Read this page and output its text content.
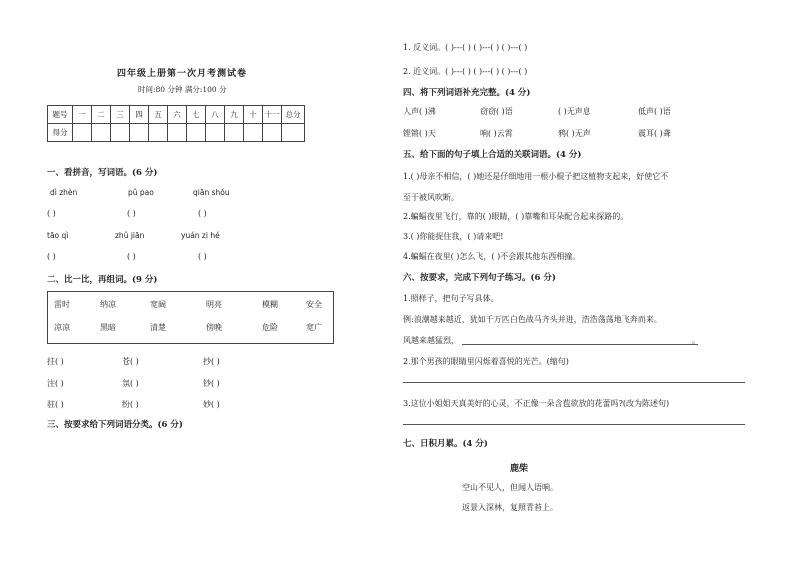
四年级上册第一次月考测试卷
时间:80 分钟 满分:100 分
题号	一	二	三	四	五	六	七	八	九	十	十一	总分
得分												
一、看拼音，写词语。(6 分)
dì zhèn	pǔ pao	qiān shǒu
( )	( )	( )
tāo qì	zhǔ jiān	yuán zi hé
( )	( )	( )
二、比一比，再组词。(9 分)
雷时	纳凉	宽阔	明亮	模糊	安全
凉凉	黑暗	清楚	傍晚	危险	宽广
拄( )	苍( )	抄( )
注( )	氛( )	钞( )
驻( )	纷( )	妙( )
三、按要求给下列词语分类。(6 分)
1. 反义词。( )---( ) ( )---( ) ( )---( )
2. 近义词。( )---( ) ( )---( ) ( )---( )
四、将下列词语补充完整。(4 分)
人声( )沸	窃窃( )语	( )无声息	低声( )语
铿锵( )天	响( )云霄	鸦( )无声	震耳( )聋
五、给下面的句子填上合适的关联词语。(4 分)
1.( )母亲不相信，( )她还是仔细地用一根小棍子把这植物支起来，好使它不
至于被风吹断。
2.蝙蝠夜里飞行，靠的( )眼睛，( )靠嘴和耳朵配合起来探路的。
3.( )你能捉住我，( )请来吧!
4.蝙蝠在夜里( )怎么飞，( )不会跟其他东西相撞。
六、按要求，完成下列句子练习。(6 分)
1.照样子，把句子写具体。
例:浪潮越来越近，犹如千万匹白色战马齐头并进，浩浩荡荡地飞奔而来。
风越来越猛烈，	。
2.那个男孩的眼睛里闪烁着喜悦的光芒。(缩句)
3.这位小姐姐天真美好的心灵，不正像一朵含苞欲放的花蕾吗?(改为陈述句)
七、日积月累。(4 分)
鹿柴
空山不见人，但闻人语响。
返景入深林，复照青苔上。
